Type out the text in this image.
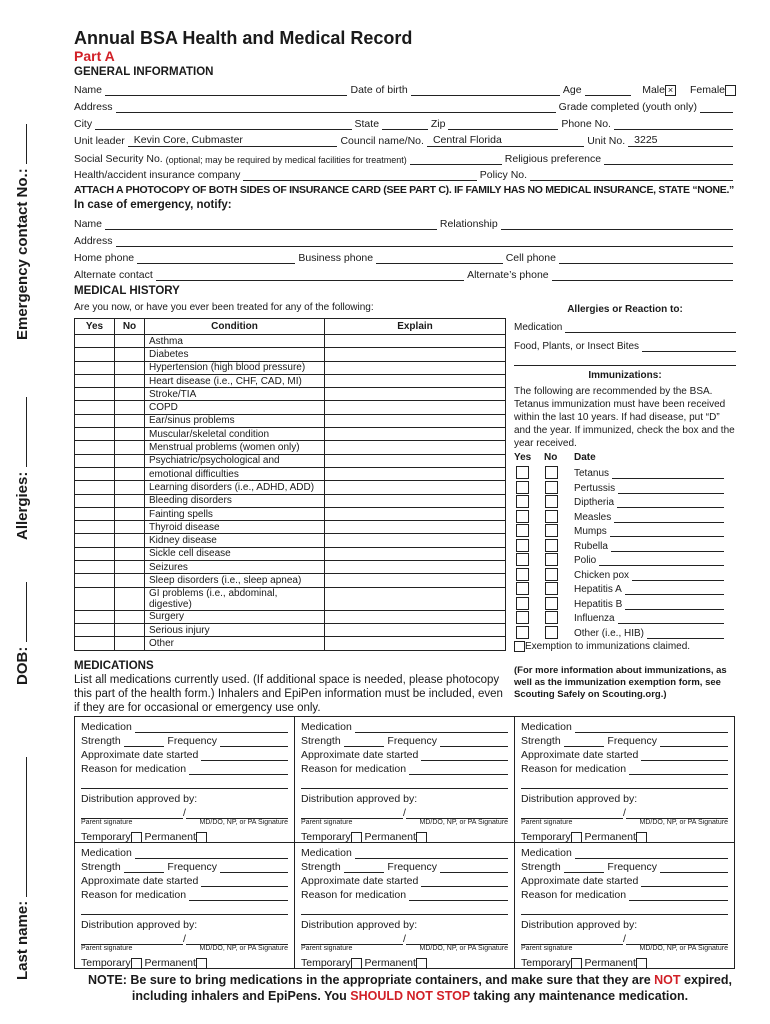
Last name:
DOB:
Allergies:
Emergency contact No.:
Annual BSA Health and Medical Record
Part A
GENERAL INFORMATION
Name	Date of birth	Age	Male × Female
Address	Grade completed (youth only)
City	State	Zip	Phone No.
Unit leader Kevin Core, Cubmaster	Council name/No. Central Florida	Unit No. 3225
Social Security No.
(optional; may be required by medical facilities for treatment)	Religious preference
Health/accident insurance company	Policy No.
ATTACH A PHOTOCOPY OF BOTH SIDES OF INSURANCE CARD (SEE PART C). IF FAMILY HAS NO MEDICAL INSURANCE, STATE “NONE.”
In case of emergency, notify:
Name	Relationship
Address
Home phone	Business phone	Cell phone
Alternate contact	Alternate’s phone
MEDICAL HISTORY
Are you now, or have you ever been treated for any of the following:
Yes	No	Condition	Explain
		Asthma	
		Diabetes	
		Hypertension (high blood pressure)	
		Heart disease (i.e., CHF, CAD, MI)	
		Stroke/TIA	
		COPD	
		Ear/sinus problems	
		Muscular/skeletal condition	
		Menstrual problems (women only)	
		Psychiatric/psychological and	
		emotional difficulties	
		Learning disorders (i.e., ADHD, ADD)	
		Bleeding disorders	
		Fainting spells	
		Thyroid disease	
		Kidney disease	
		Sickle cell disease	
		Seizures	
		Sleep disorders (i.e., sleep apnea)	
		GI problems (i.e., abdominal, digestive)	
		Surgery	
		Serious injury	
		Other	
Allergies or Reaction to:
Medication
Food, Plants, or Insect Bites
Immunizations:
The following are recommended by the BSA. Tetanus immunization must have been received within the last 10 years. If had disease, put “D” and the year. If immunized, check the box and the year received.
Yes No Date
Tetanus
Pertussis
Diptheria
Measles
Mumps
Rubella
Polio
Chicken pox
Hepatitis A
Hepatitis B
Influenza
Other (i.e., HIB)
Exemption to immunizations claimed.
(For more information about immunizations, as well as the immunization exemption form, see Scouting Safely on Scouting.org.)
MEDICATIONS
List all medications currently used. (If additional space is needed, please photocopy this part of the health form.) Inhalers and EpiPen information must be included, even if they are for occasional or emergency use only.
Medication
Strength
	Frequency
Approximate date started
Reason for medication
Distribution approved by:
/
Parent signature	MD/DO, NP, or PA Signature
Temporary
Permanent
Medication
Strength
	Frequency
Approximate date started
Reason for medication
Distribution approved by:
/
Parent signature	MD/DO, NP, or PA Signature
Temporary
Permanent
Medication
Strength
	Frequency
Approximate date started
Reason for medication
Distribution approved by:
/
Parent signature	MD/DO, NP, or PA Signature
Temporary
Permanent
Medication
Strength
	Frequency
Approximate date started
Reason for medication
Distribution approved by:
/
Parent signature	MD/DO, NP, or PA Signature
Temporary
Permanent
Medication
Strength
	Frequency
Approximate date started
Reason for medication
Distribution approved by:
/
Parent signature	MD/DO, NP, or PA Signature
Temporary
Permanent
Medication
Strength
	Frequency
Approximate date started
Reason for medication
Distribution approved by:
/
Parent signature	MD/DO, NP, or PA Signature
Temporary
Permanent
NOTE: Be sure to bring medications in the appropriate containers, and make sure that they are NOT expired,
including inhalers and EpiPens. You SHOULD NOT STOP taking any maintenance medication.
